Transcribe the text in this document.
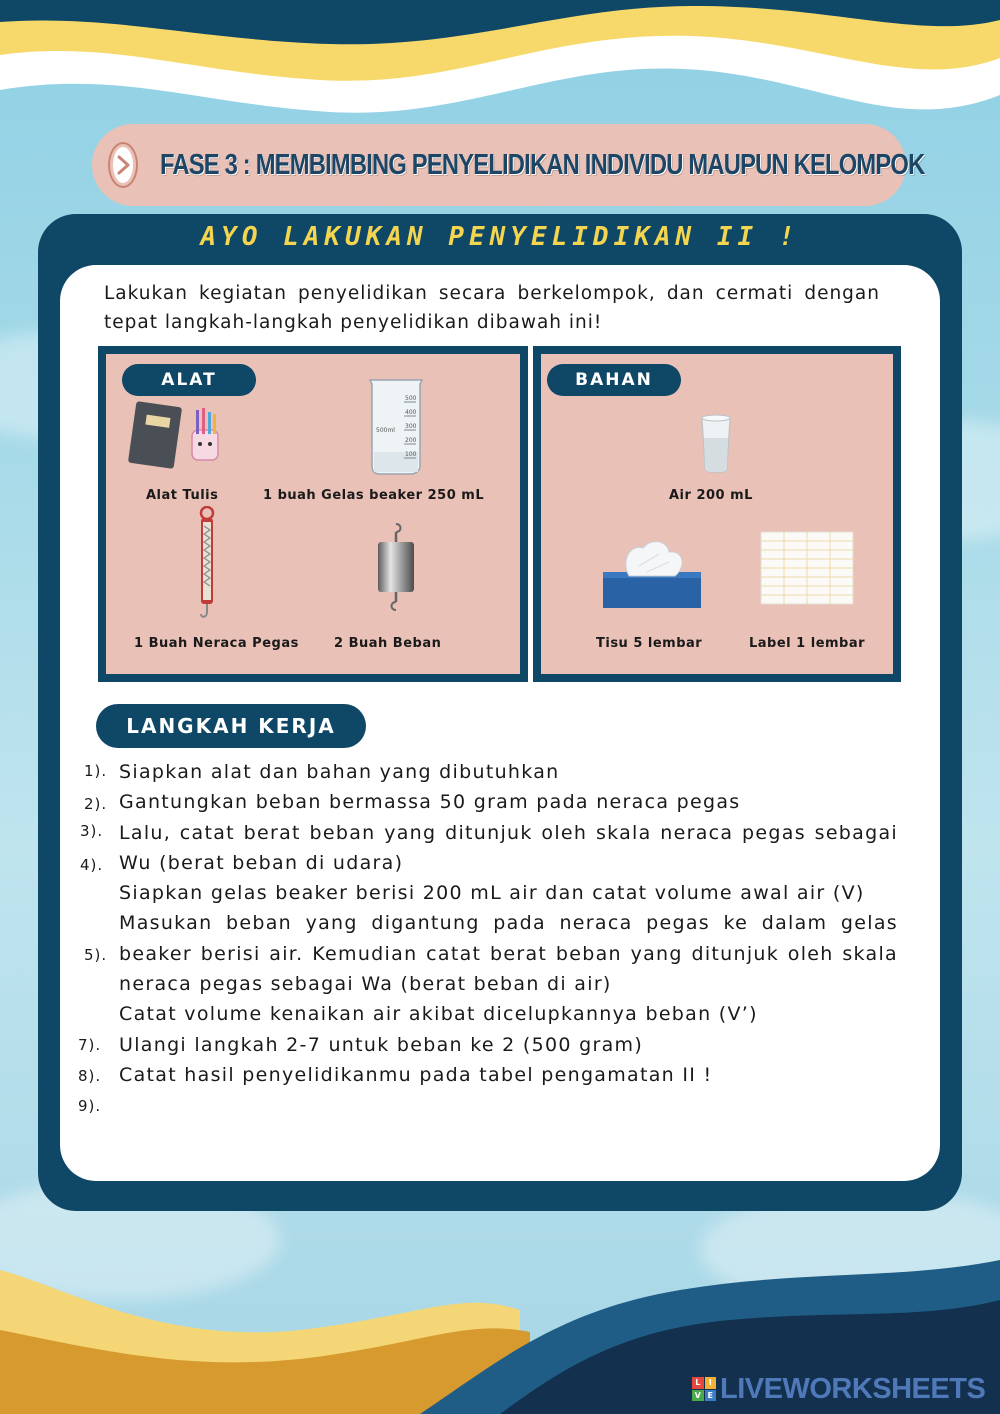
FASE 3 : MEMBIMBING PENYELIDIKAN INDIVIDU MAUPUN KELOMPOK
AYO LAKUKAN PENYELIDIKAN II !
Lakukan kegiatan penyelidikan secara berkelompok, dan cermati dengan tepat langkah-langkah penyelidikan dibawah ini!
ALAT
500
400
300
200
100
500ml
Alat Tulis	1 buah Gelas beaker 250 mL
1 Buah Neraca Pegas	2 Buah Beban
BAHAN
Air 200 mL
Tisu 5 lembar	Label 1 lembar
LANGKAH KERJA
1).
2).
3).
4).
5).
7).
8).
9).

Siapkan alat dan bahan yang dibutuhkan

Gantungkan beban bermassa 50 gram pada neraca pegas

Lalu, catat berat beban yang ditunjuk oleh skala neraca pegas sebagai Wu (berat beban di udara)

Siapkan gelas beaker berisi 200 mL air dan catat volume awal air (V)

Masukan beban yang digantung pada neraca pegas ke dalam gelas beaker berisi air. Kemudian catat berat beban yang ditunjuk oleh skala neraca pegas sebagai Wa (berat beban di air)

Catat volume kenaikan air akibat dicelupkannya beban (V’)

Ulangi langkah 2-7 untuk beban ke 2 (500 gram)

Catat hasil penyelidikanmu pada tabel pengamatan II !

L	I
V E LIVEWORKSHEETS
